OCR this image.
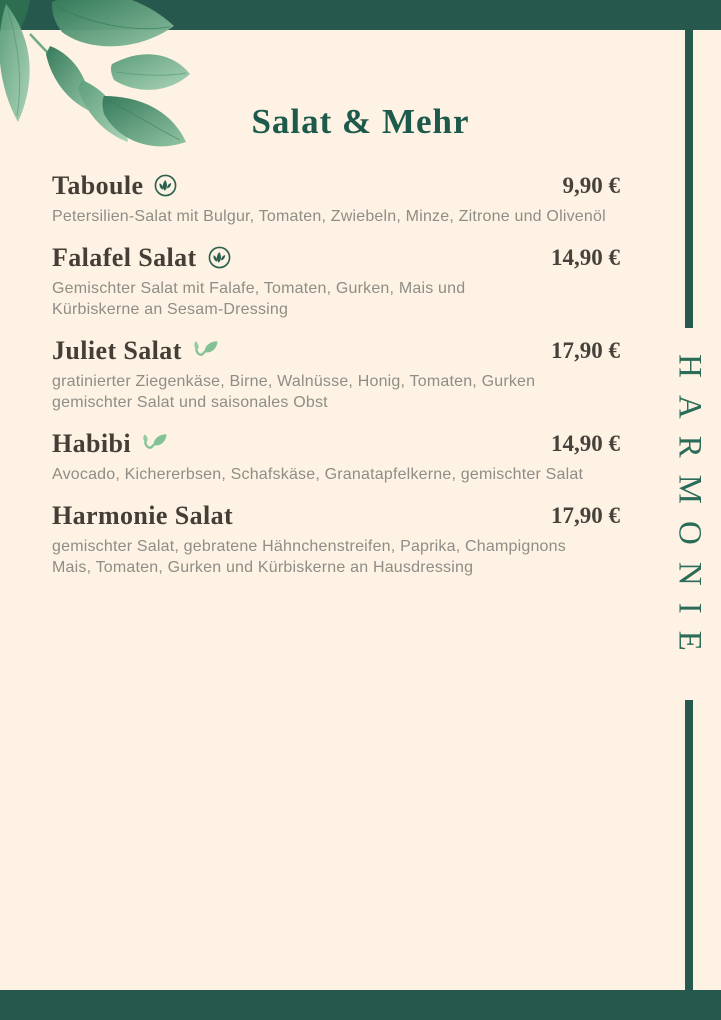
HARMONIE
Salat & Mehr
Taboule	9,90 €
Petersilien-Salat mit Bulgur, Tomaten, Zwiebeln, Minze, Zitrone und Olivenöl
Falafel Salat	14,90 €
Gemischter Salat mit Falafe, Tomaten, Gurken, Mais und
Kürbiskerne an Sesam-Dressing
Juliet Salat	17,90 €
gratinierter Ziegenkäse, Birne, Walnüsse, Honig, Tomaten, Gurken
gemischter Salat und saisonales Obst
Habibi	14,90 €
Avocado, Kichererbsen, Schafskäse, Granatapfelkerne, gemischter Salat
Harmonie Salat	17,90 €
gemischter Salat, gebratene Hähnchenstreifen, Paprika, Champignons
Mais, Tomaten, Gurken und Kürbiskerne an Hausdressing
